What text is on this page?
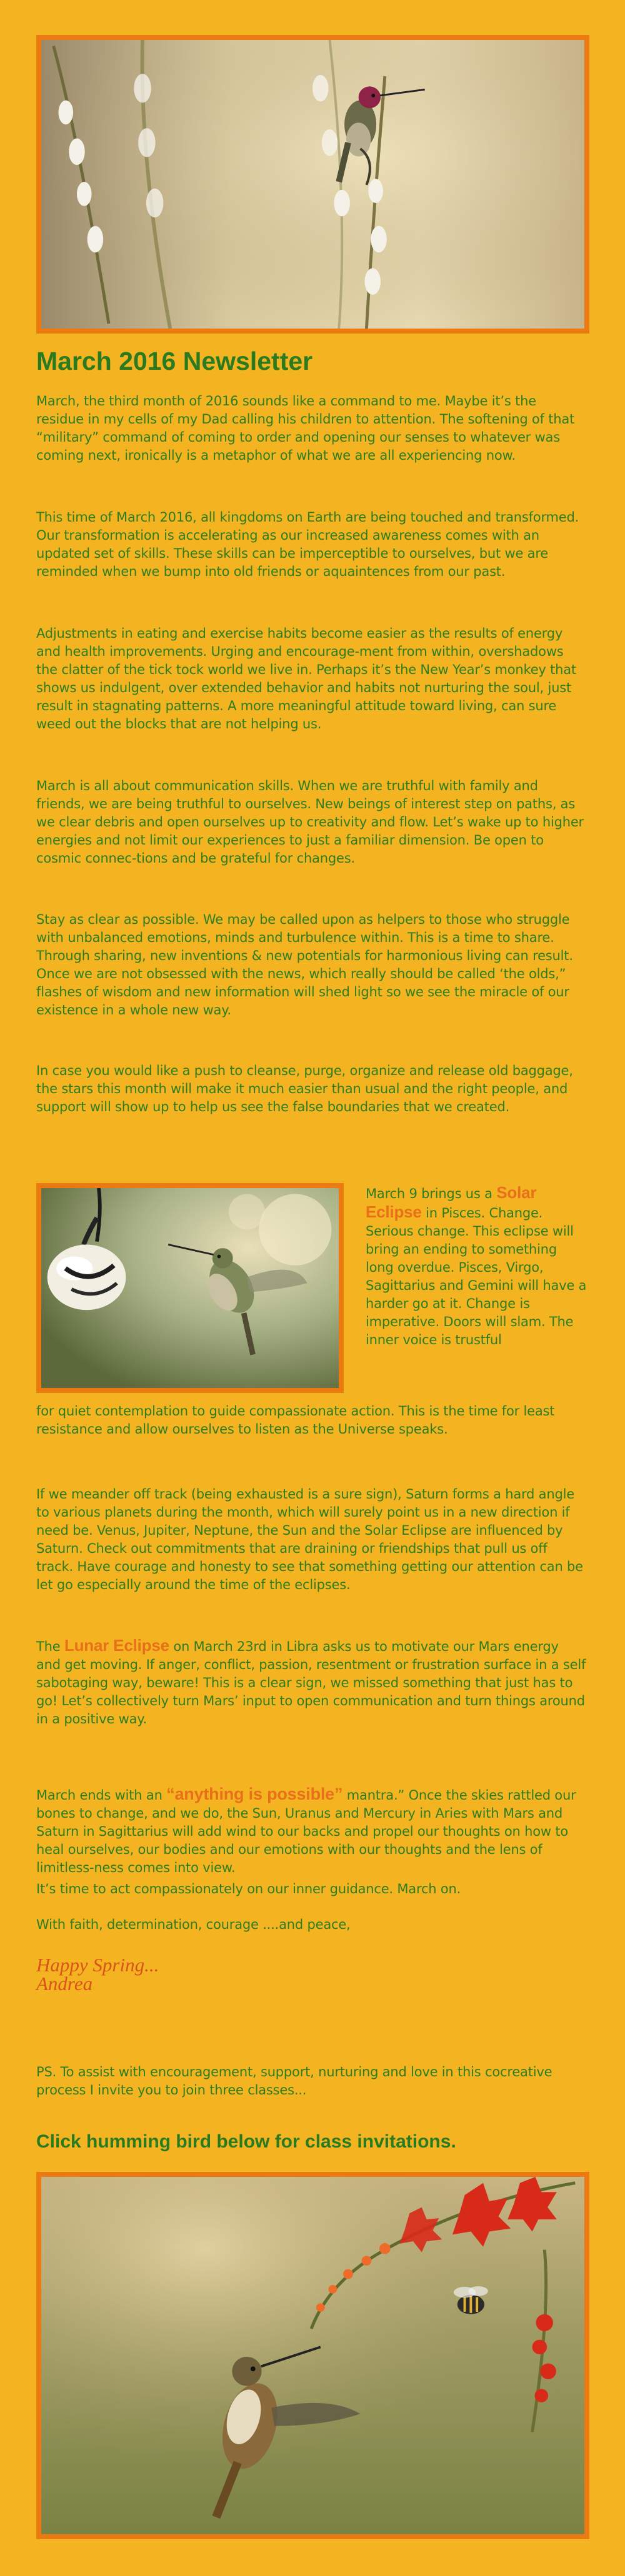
March 2016 Newsletter

March, the third month of 2016 sounds like a command to me. Maybe it’s the residue in my cells of my Dad calling his children to attention. The softening of that “military” command of coming to order and opening our senses to whatever was coming next, ironically is a metaphor of what we are all experiencing now.

This time of March 2016, all kingdoms on Earth are being touched and transformed. Our transformation is accelerating as our increased awareness comes with an updated set of skills. These skills can be imperceptible to ourselves, but we are reminded when we bump into old friends or aquaintences from our past.

Adjustments in eating and exercise habits become easier as the results of energy and health improvements. Urging and encourage-ment from within, overshadows the clatter of the tick tock world we live in. Perhaps it’s the New Year’s monkey that shows us indulgent, over extended behavior and habits not nurturing the soul, just result in stagnating patterns. A more meaningful attitude toward living, can sure weed out the blocks that are not helping us.

March is all about communication skills. When we are truthful with family and friends, we are being truthful to ourselves. New beings of interest step on paths, as we clear debris and open ourselves up to creativity and flow. Let’s wake up to higher energies and not limit our experiences to just a familiar dimension. Be open to cosmic connec-tions and be grateful for changes.

Stay as clear as possible. We may be called upon as helpers to those who struggle with unbalanced emotions, minds and turbulence within. This is a time to share. Through sharing, new inventions & new potentials for harmonious living can result. Once we are not obsessed with the news, which really should be called ‘the olds,” flashes of wisdom and new information will shed light so we see the miracle of our existence in a whole new way.

In case you would like a push to cleanse, purge, organize and release old baggage, the stars this month will make it much easier than usual and the right people, and support will show up to help us see the false boundaries that we created.

March 9 brings us a Solar Eclipse in Pisces. Change. Serious change. This eclipse will bring an ending to something long overdue. Pisces, Virgo, Sagittarius and Gemini will have a harder go at it. Change is imperative. Doors will slam. The inner voice is trustful

for quiet contemplation to guide compassionate action. This is the time for least resistance and allow ourselves to listen as the Universe speaks.

If we meander off track (being exhausted is a sure sign), Saturn forms a hard angle to various planets during the month, which will surely point us in a new direction if need be. Venus, Jupiter, Neptune, the Sun and the Solar Eclipse are influenced by Saturn. Check out commitments that are draining or friendships that pull us off track. Have courage and honesty to see that something getting our attention can be let go especially around the time of the eclipses.

The Lunar Eclipse on March 23rd in Libra asks us to motivate our Mars energy and get moving. If anger, conflict, passion, resentment or frustration surface in a self sabotaging way, beware! This is a clear sign, we missed something that just has to go! Let’s collectively turn Mars’ input to open communication and turn things around in a positive way.
March ends with an “anything is possible” mantra.” Once the skies rattled our bones to change, and we do, the Sun, Uranus and Mercury in Aries with Mars and Saturn in Sagittarius will add wind to our backs and propel our thoughts on how to heal ourselves, our bodies and our emotions with our thoughts and the lens of limitless-ness comes into view.

It’s time to act compassionately on our inner guidance. March on.

With faith, determination, courage ....and peace,

Happy Spring...
Andrea

PS. To assist with encouragement, support, nurturing and love in this cocreative process I invite you to join three classes...

Click humming bird below for class invitations.
